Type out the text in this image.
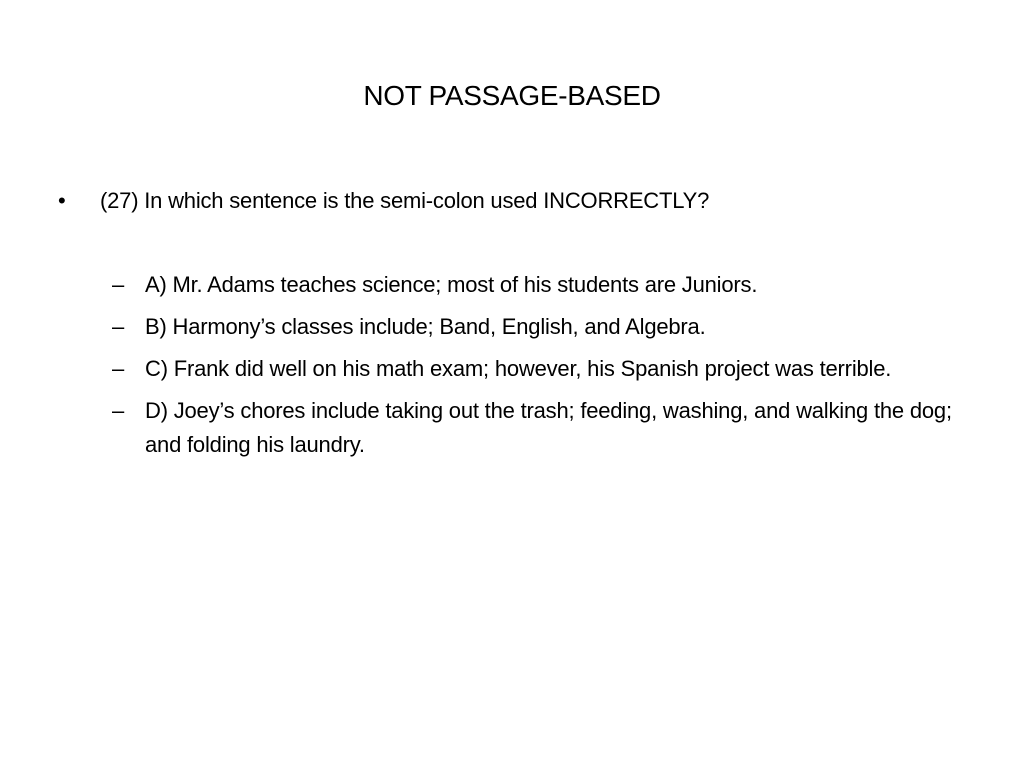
NOT PASSAGE-BASED
•	(27) In which sentence is the semi-colon used INCORRECTLY?
– A) Mr. Adams teaches science; most of his students are Juniors.
– B) Harmony’s classes include; Band, English, and Algebra.
– C) Frank did well on his math exam; however, his Spanish project was terrible.
– D) Joey’s chores include taking out the trash; feeding, washing, and walking the dog; and folding his laundry.
